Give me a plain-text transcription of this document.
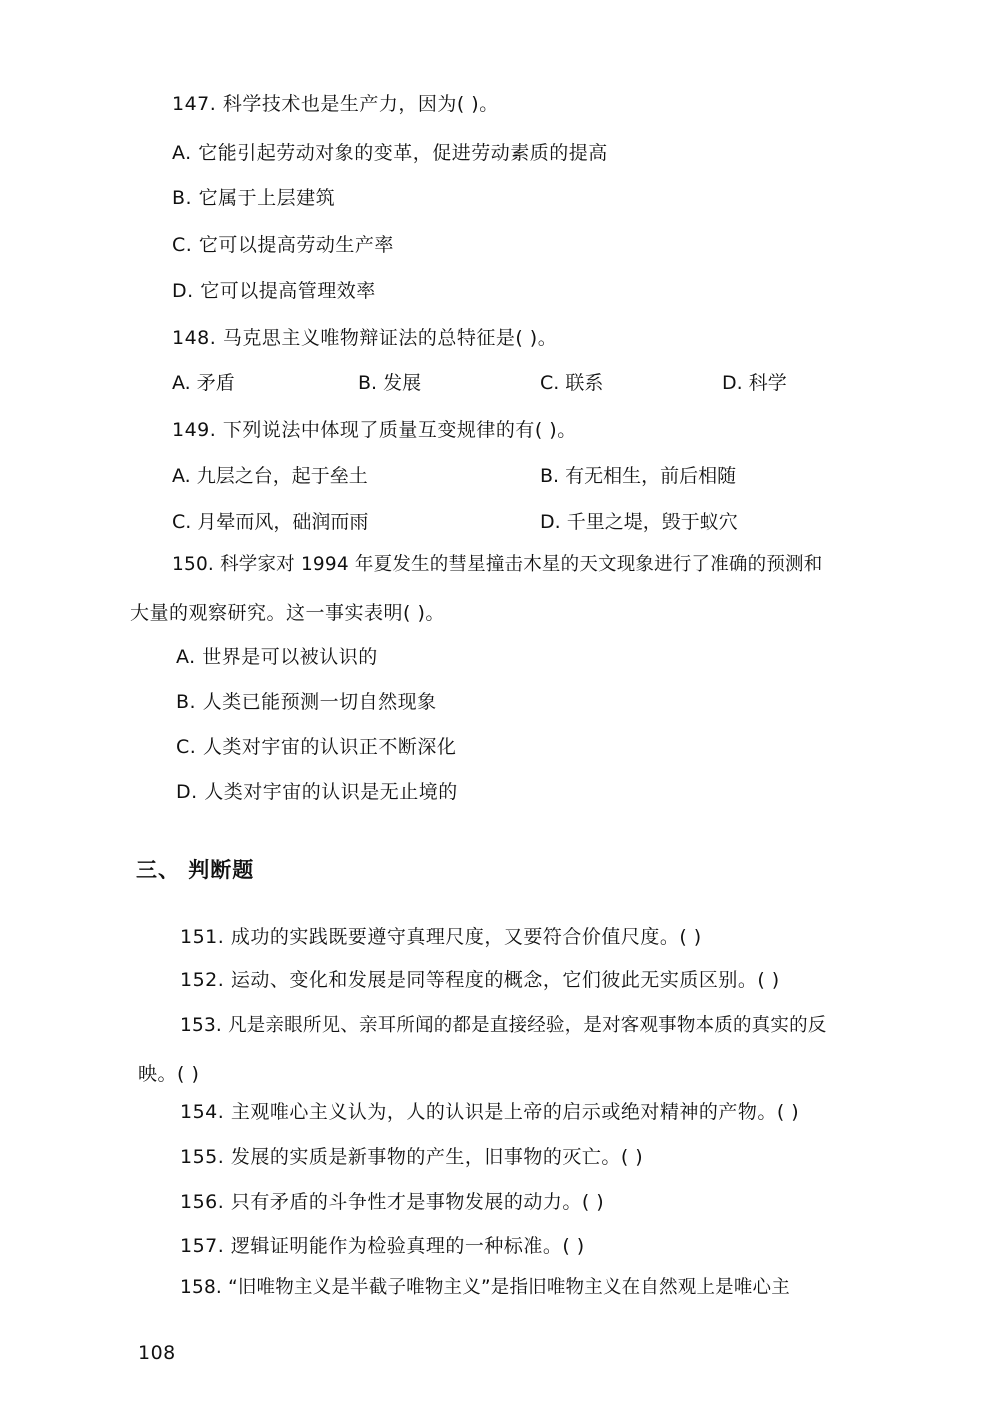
147. 科学技术也是生产力，因为( )。
A. 它能引起劳动对象的变革，促进劳动素质的提高
B. 它属于上层建筑
C. 它可以提高劳动生产率
D. 它可以提高管理效率
148. 马克思主义唯物辩证法的总特征是( )。
A. 矛盾	B. 发展	C. 联系	D. 科学
149. 下列说法中体现了质量互变规律的有( )。
A. 九层之台，起于垒土	B. 有无相生，前后相随
C. 月晕而风，础润而雨	D. 千里之堤，毁于蚁穴
150. 科学家对 1994 年夏发生的彗星撞击木星的天文现象进行了准确的预测和
大量的观察研究。这一事实表明( )。
A. 世界是可以被认识的
B. 人类已能预测一切自然现象
C. 人类对宇宙的认识正不断深化
D. 人类对宇宙的认识是无止境的
三、 判断题
151. 成功的实践既要遵守真理尺度，又要符合价值尺度。( )
152. 运动、变化和发展是同等程度的概念，它们彼此无实质区别。( )
153. 凡是亲眼所见、亲耳所闻的都是直接经验，是对客观事物本质的真实的反
映。( )
154. 主观唯心主义认为，人的认识是上帝的启示或绝对精神的产物。( )
155. 发展的实质是新事物的产生，旧事物的灭亡。( )
156. 只有矛盾的斗争性才是事物发展的动力。( )
157. 逻辑证明能作为检验真理的一种标准。( )
158. “旧唯物主义是半截子唯物主义”是指旧唯物主义在自然观上是唯心主
108
